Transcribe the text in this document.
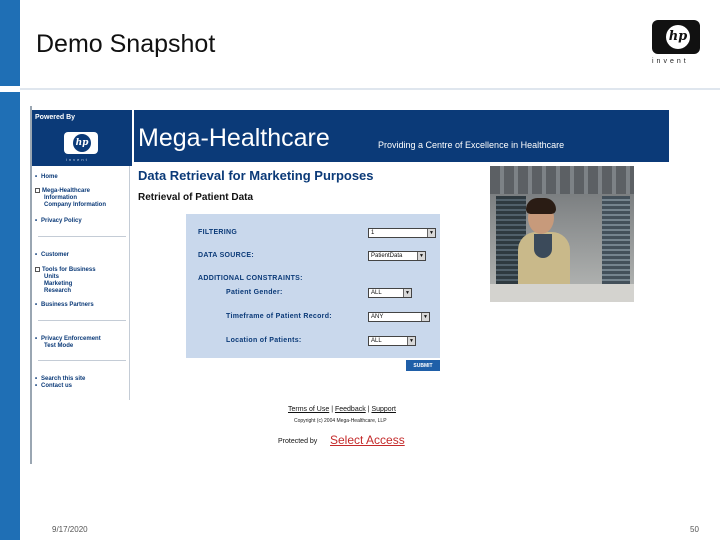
Demo Snapshot	hp
invent
Powered By
hp
invent
Mega-Healthcare	Providing a Centre of Excellence in Healthcare
• Home
Mega-Healthcare
Information
Company Information
• Privacy Policy
• Customer
Tools for Business
Units
Marketing
Research
• Business Partners
• Privacy Enforcement
Test Mode
• Search this site
• Contact us
Data Retrieval for Marketing Purposes
Retrieval of Patient Data
FILTERING	1	▼
DATA SOURCE:	PatientData	▼
ADDITIONAL CONSTRAINTS:
Patient Gender:	ALL	▼
Timeframe of Patient Record:	ANY	▼
Location of Patients:	ALL	▼
SUBMIT
Terms of Use | Feedback | Support
Copyright (c) 2004 Mega-Healthcare, LLP
Protected by Select Access
9/17/2020	50
